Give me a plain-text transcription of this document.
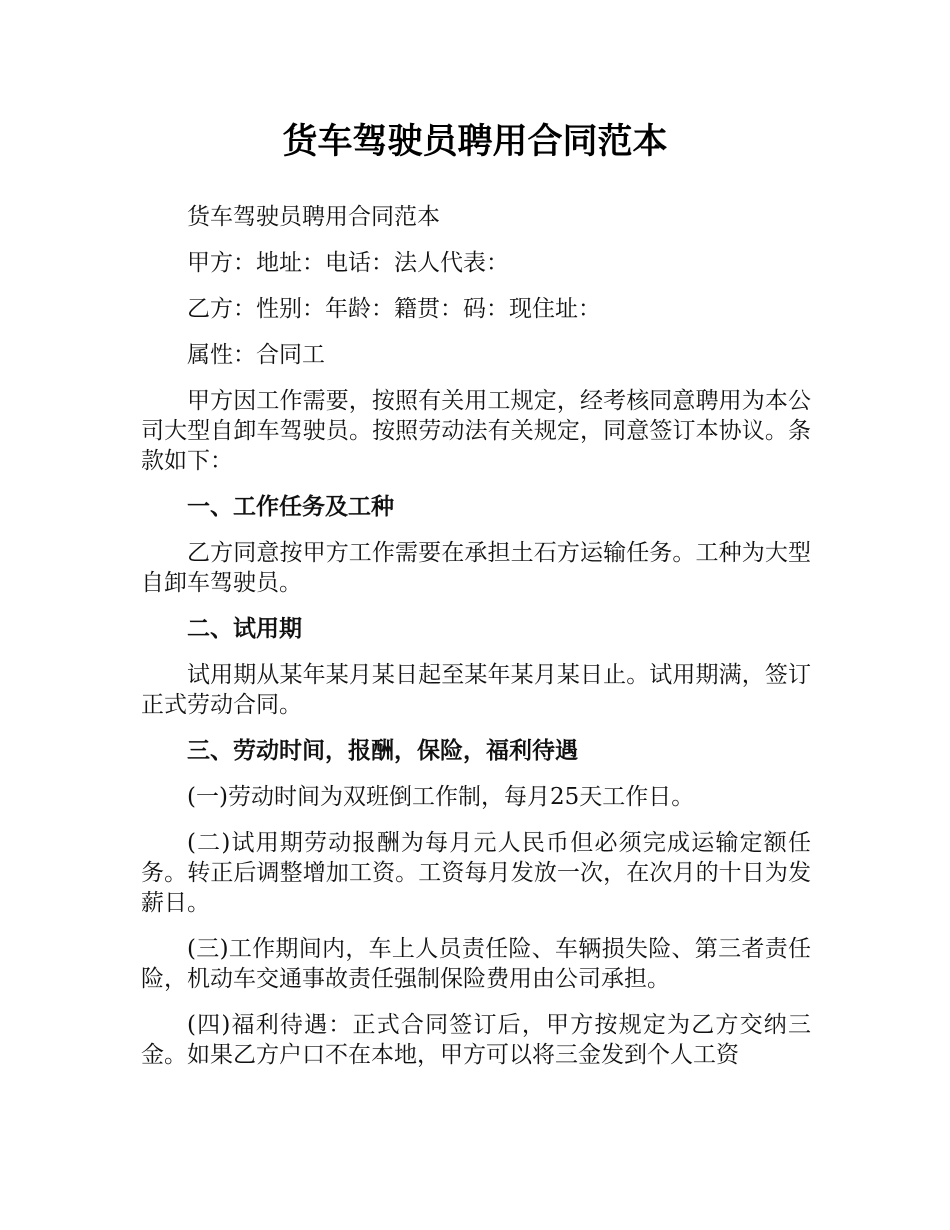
货车驾驶员聘用合同范本

货车驾驶员聘用合同范本

甲方：地址：电话：法人代表：

乙方：性别：年龄：籍贯：码：现住址：

属性：合同工

甲方因工作需要，按照有关用工规定，经考核同意聘用为本公司大型自卸车驾驶员。按照劳动法有关规定，同意签订本协议。条款如下：

一、工作任务及工种

乙方同意按甲方工作需要在承担土石方运输任务。工种为大型自卸车驾驶员。

二、试用期

试用期从某年某月某日起至某年某月某日止。试用期满，签订正式劳动合同。

三、劳动时间，报酬，保险，福利待遇

(一)劳动时间为双班倒工作制，每月25天工作日。

(二)试用期劳动报酬为每月元人民币但必须完成运输定额任务。转正后调整增加工资。工资每月发放一次，在次月的十日为发薪日。

(三)工作期间内，车上人员责任险、车辆损失险、第三者责任险，机动车交通事故责任强制保险费用由公司承担。

(四)福利待遇：正式合同签订后，甲方按规定为乙方交纳三金。如果乙方户口不在本地，甲方可以将三金发到个人工资
